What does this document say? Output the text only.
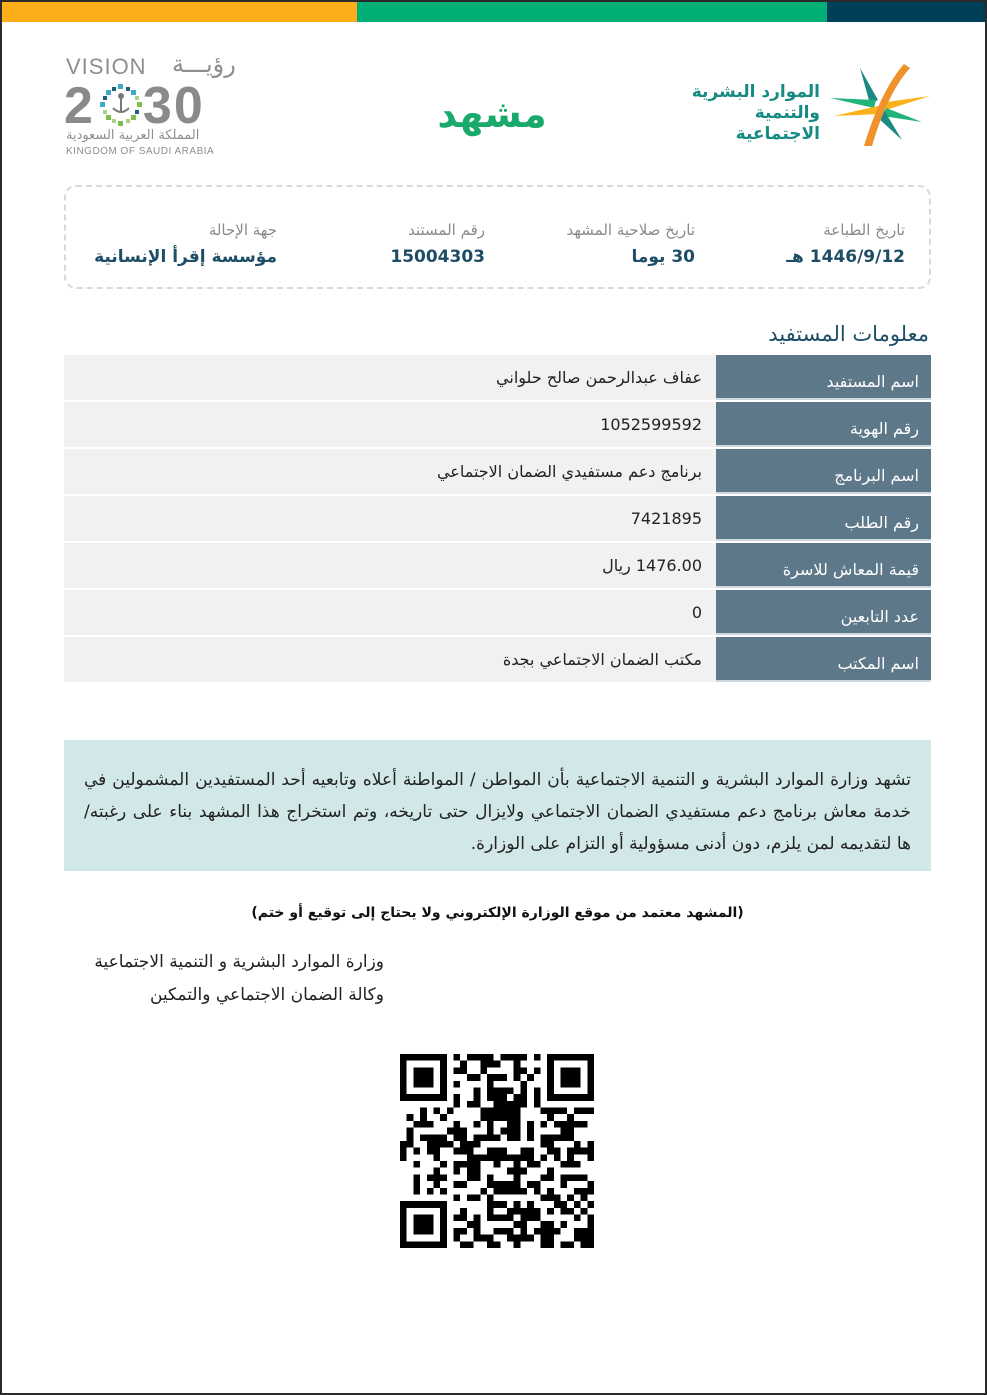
الموارد البشرية
والتنمية الاجتماعية
مشهد
VISION رؤيـــة
2 30
المملكة العربية السعودية
KINGDOM OF SAUDI ARABIA
تاريخ الطباعة
1446/9/12 هـ
تاريخ صلاحية المشهد
30 يوما
رقم المستند
15004303
جهة الإحالة
مؤسسة إقرأ الإنسانية
معلومات المستفيد
اسم المستفيد
عفاف عبدالرحمن صالح حلواني
رقم الهوية
1052599592
اسم البرنامج
برنامج دعم مستفيدي الضمان الاجتماعي
رقم الطلب
7421895
قيمة المعاش للاسرة
1476.00 ريال
عدد التابعين
0
اسم المكتب
مكتب الضمان الاجتماعي بجدة
تشهد وزارة الموارد البشرية و التنمية الاجتماعية بأن المواطن / المواطنة أعلاه وتابعيه أحد المستفيدين المشمولين في خدمة معاش برنامج دعم مستفيدي الضمان الاجتماعي ولايزال حتى تاريخه، وتم استخراج هذا المشهد بناء على رغبته/ ها لتقديمه لمن يلزم، دون أدنى مسؤولية أو التزام على الوزارة.
(المشهد معتمد من موقع الوزارة الإلكتروني ولا يحتاج إلى توقيع أو ختم)
وزارة الموارد البشرية و التنمية الاجتماعية
وكالة الضمان الاجتماعي والتمكين
